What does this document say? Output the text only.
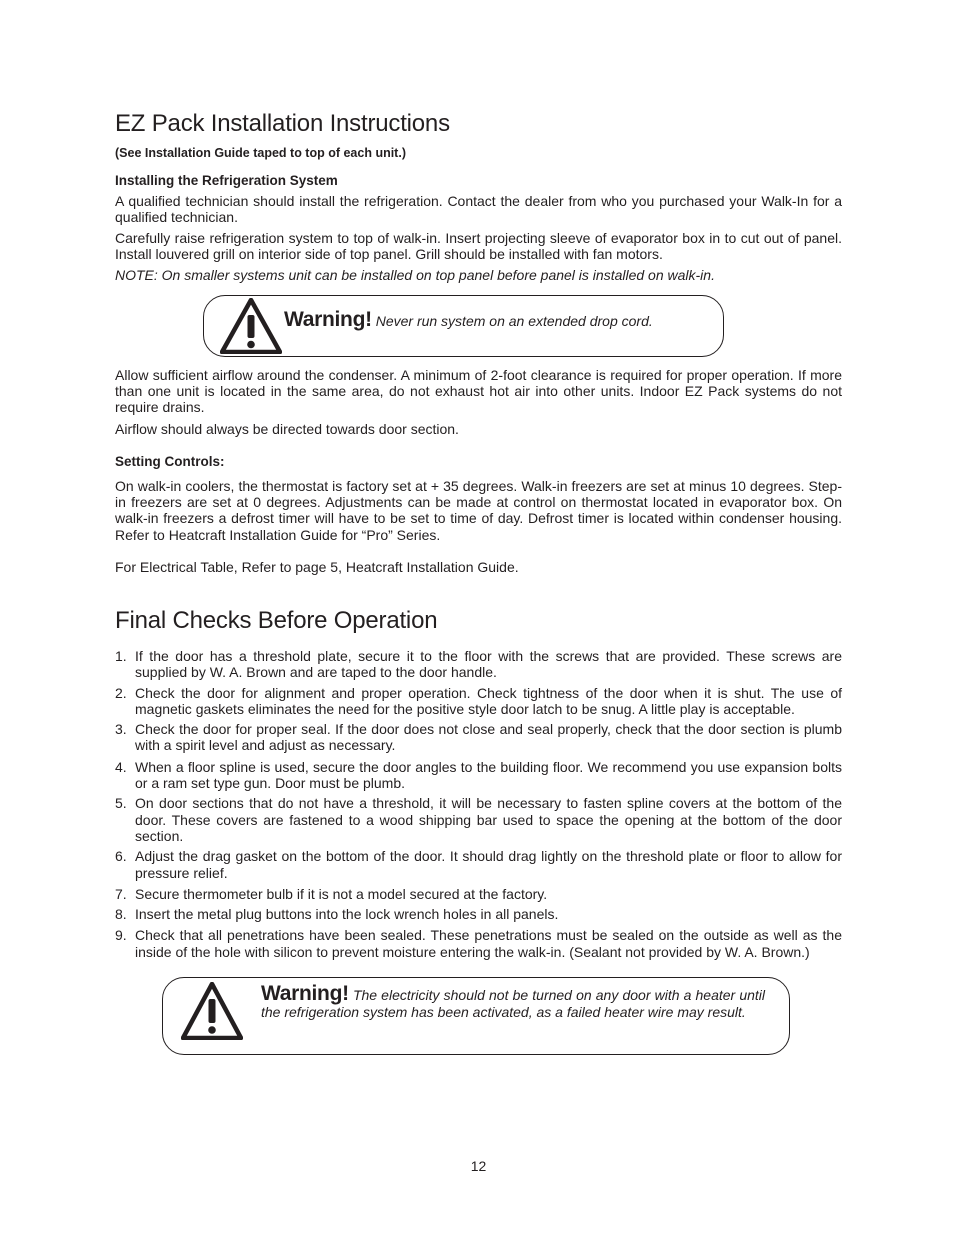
EZ Pack Installation Instructions
(See Installation Guide taped to top of each unit.)
Installing the Refrigeration System

A qualified technician should install the refrigeration. Contact the dealer from who you purchased your Walk-In for a qualified technician.

Carefully raise refrigeration system to top of walk-in. Insert projecting sleeve of evaporator box in to cut out of panel. Install louvered grill on interior side of top panel. Grill should be installed with fan motors.

NOTE: On smaller systems unit can be installed on top panel before panel is installed on walk-in.

Warning! Never run system on an extended drop cord.

Allow sufficient airflow around the condenser. A minimum of 2-foot clearance is required for proper operation. If more than one unit is located in the same area, do not exhaust hot air into other units. Indoor EZ Pack systems do not require drains.

Airflow should always be directed towards door section.

Setting Controls:

On walk-in coolers, the thermostat is factory set at + 35 degrees. Walk-in freezers are set at minus 10 degrees. Step-in freezers are set at 0 degrees. Adjustments can be made at control on thermostat located in evaporator box. On walk-in freezers a defrost timer will have to be set to time of day. Defrost timer is located within condenser housing. Refer to Heatcraft Installation Guide for “Pro” Series.

For Electrical Table, Refer to page 5, Heatcraft Installation Guide.

Final Checks Before Operation
1. If the door has a threshold plate, secure it to the floor with the screws that are provided. These screws are supplied by W. A. Brown and are taped to the door handle.
2. Check the door for alignment and proper operation. Check tightness of the door when it is shut. The use of magnetic gaskets eliminates the need for the positive style door latch to be snug. A little play is acceptable.
3. Check the door for proper seal. If the door does not close and seal properly, check that the door section is plumb with a spirit level and adjust as necessary.
4. When a floor spline is used, secure the door angles to the building floor. We recommend you use expansion bolts or a ram set type gun. Door must be plumb.
5. On door sections that do not have a threshold, it will be necessary to fasten spline covers at the bottom of the door. These covers are fastened to a wood shipping bar used to space the opening at the bottom of the door section.
6. Adjust the drag gasket on the bottom of the door. It should drag lightly on the threshold plate or floor to allow for pressure relief.
7. Secure thermometer bulb if it is not a model secured at the factory.
8. Insert the metal plug buttons into the lock wrench holes in all panels.
9. Check that all penetrations have been sealed. These penetrations must be sealed on the outside as well as the inside of the hole with silicon to prevent moisture entering the walk-in. (Sealant not provided by W. A. Brown.)
Warning! The electricity should not be turned on any door with a heater until the refrigeration system has been activated, as a failed heater wire may result.
12
